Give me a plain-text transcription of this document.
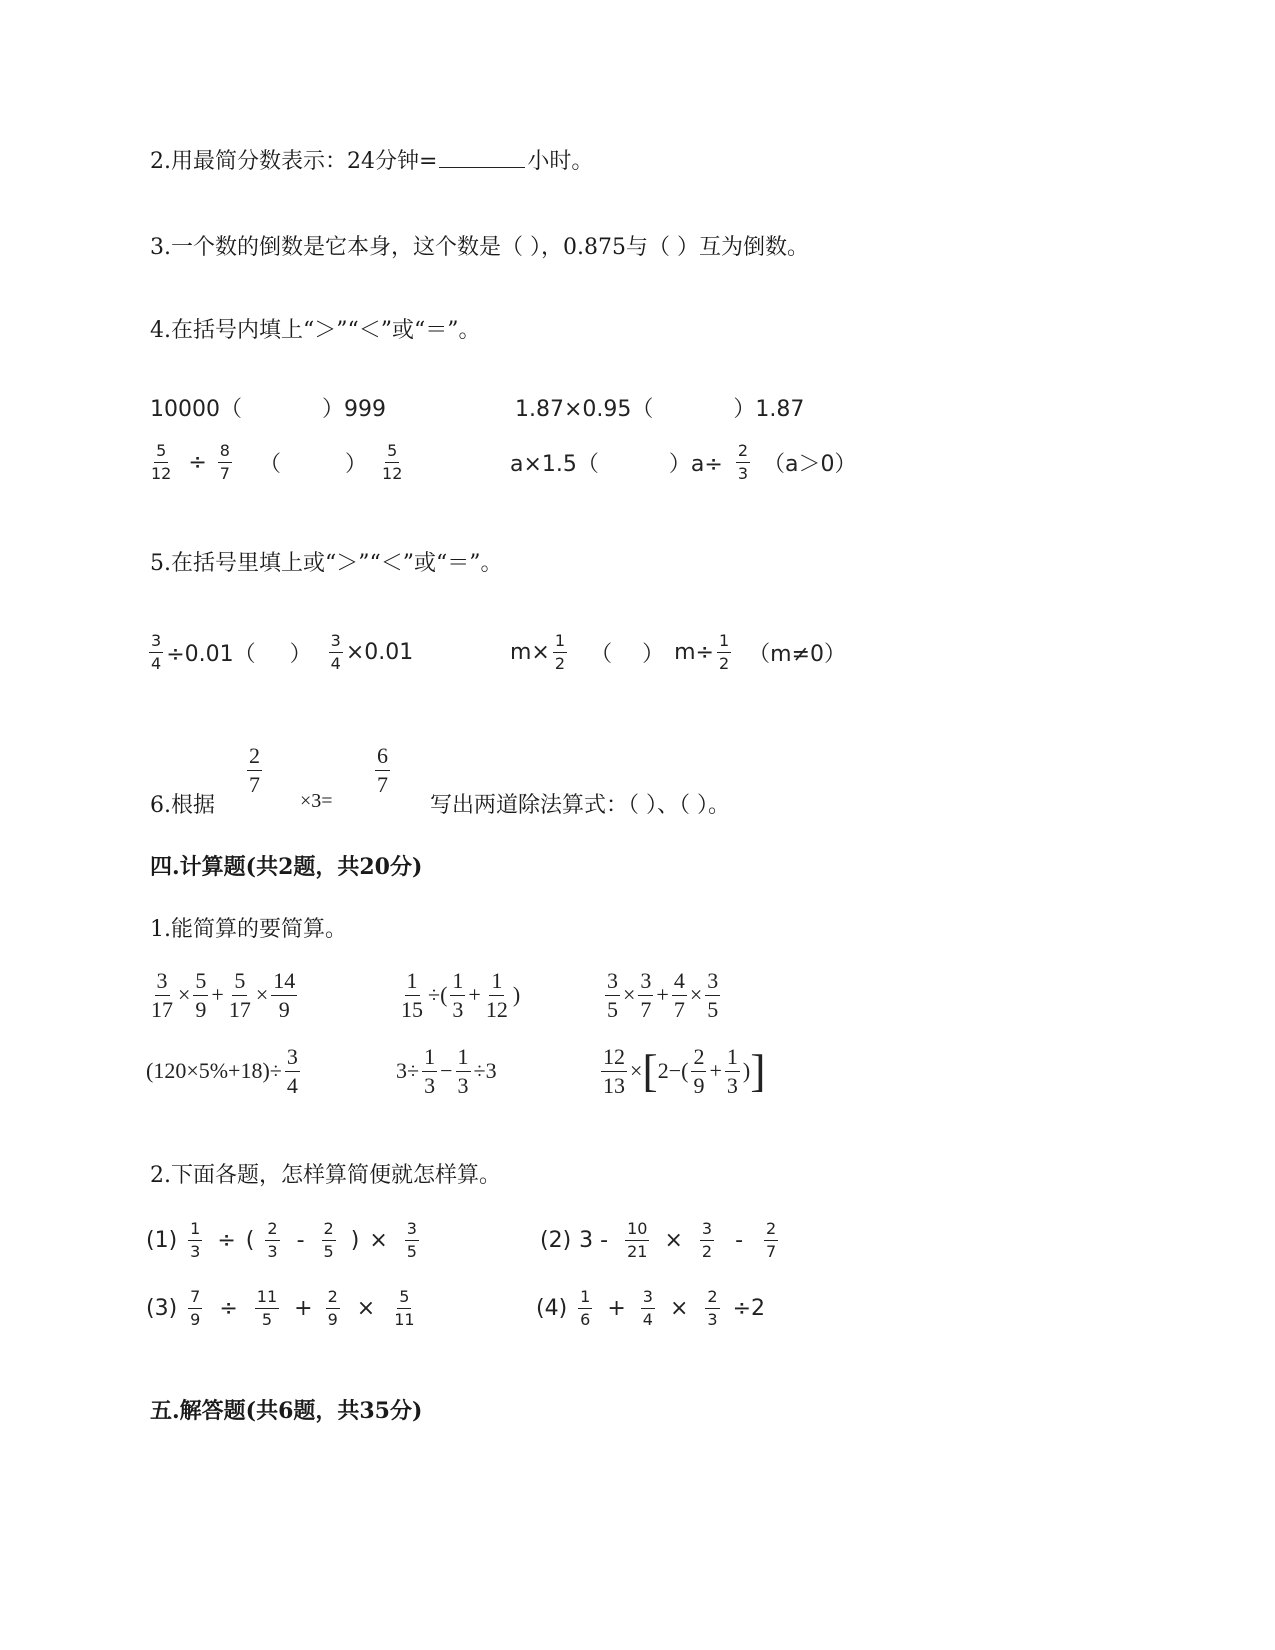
2.用最简分数表示：24分钟=	小时。
3.一个数的倒数是它本身，这个数是（ ），0.875与（ ）互为倒数。
4.在括号内填上“＞”“＜”或“＝”。
10000（	）999	1.87×0.95（	）1.87
$\frac{5}{12} \div \frac{8}{7}$ （	） $\frac{5}{12}$	a×1.5（	）$a\div \frac{2}{3} (a>0)$
5.在括号里填上或“＞”“＜”或“＝”。
$\frac{3}{4} \div 0.01$（ ） $\frac{3}{4} \times 0.01$	$m\times \frac{1}{2}$ （ ） $m\div \frac{1}{2} (m\ne 0)$
6.根据
$\frac{2}{7}$
×3=
$\frac{6}{7}$
写出两道除法算式：（ ）、（ ）。
四.计算题(共2题，共20分)
1.能简算的要简算。
$\frac{3}{17} \times \frac{5}{9} + \frac{5}{17} \times \frac{14}{9}$	$\frac{1}{15}$ ÷( $\frac{1}{3} + \frac{1}{12}$ )	$\frac{3}{5} \times \frac{3}{7} + \frac{4}{7} \times \frac{3}{5}$
$(120\times 5\%+18)\div \frac{3}{4}$	$3\div \frac{1}{3} - \frac{1}{3} \div 3$	$\frac{12}{13}$ × [ $2-( \frac{2}{9} + \frac{1}{3}$ ) ]
2.下面各题，怎样算简便就怎样算。
$(1) \frac{1}{3}$ ÷ ( $\frac{2}{3} - \frac{2}{5}$ ) × $\frac{3}{5}$	(2) $3 - \frac{10}{21} \times \frac{3}{2} - \frac{2}{7}$
$(3) \frac{7}{9} \div \frac{11}{5} + \frac{2}{9} \times \frac{5}{11}$	$(4) \frac{1}{6} + \frac{3}{4} \times \frac{2}{3} \div 2$
五.解答题(共6题，共35分)
